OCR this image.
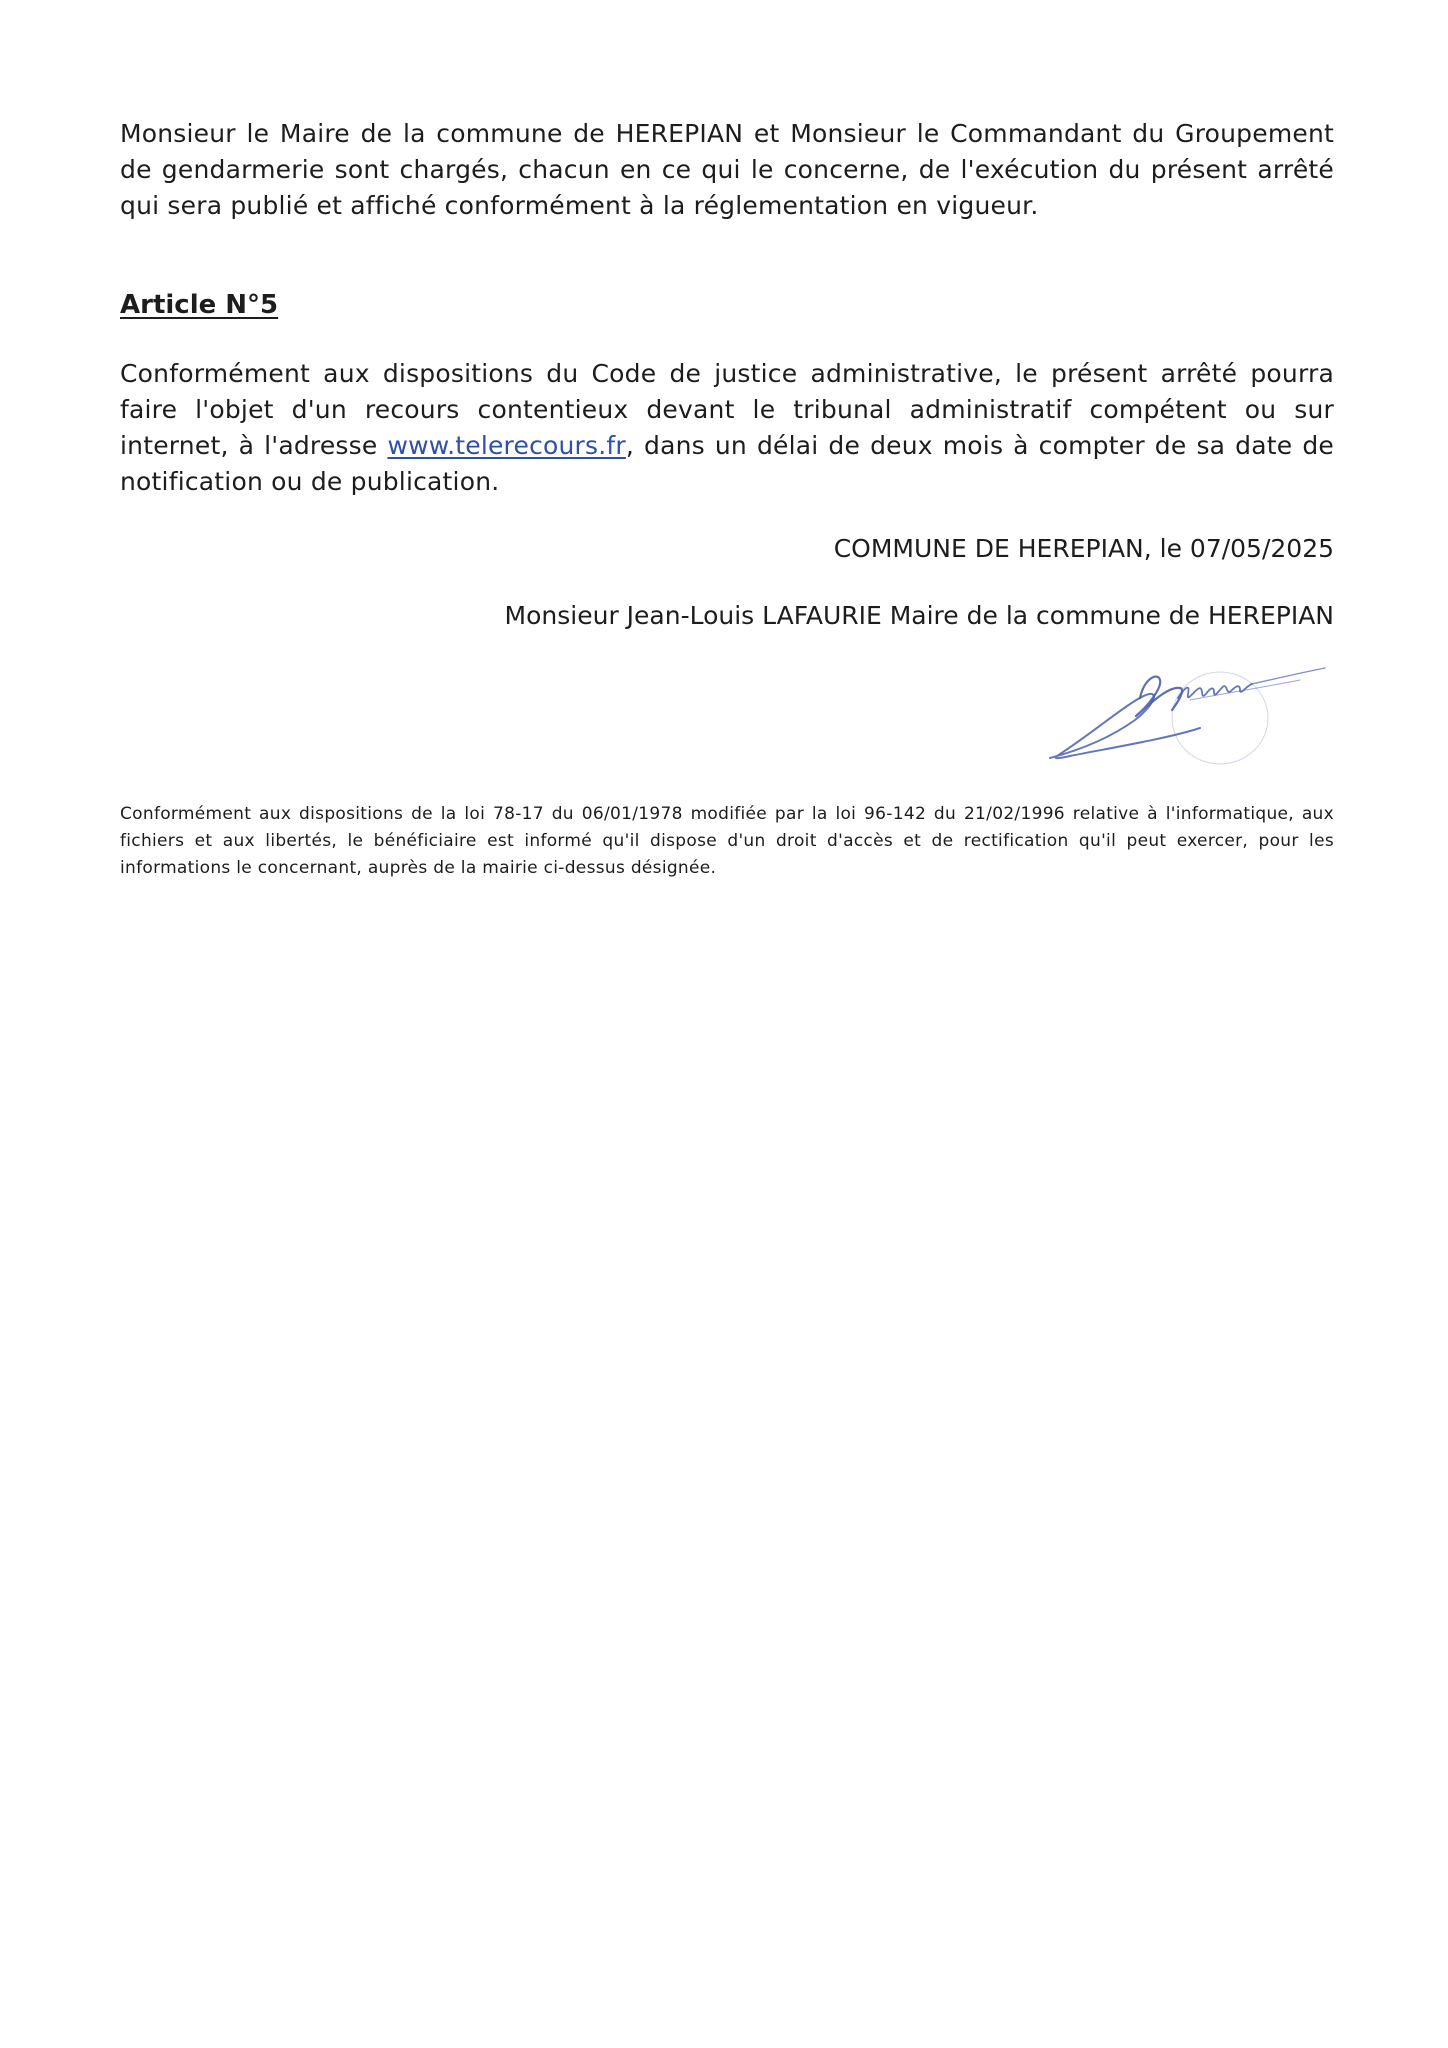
Monsieur le Maire de la commune de HEREPIAN et Monsieur le Commandant du Groupement de gendarmerie sont chargés, chacun en ce qui le concerne, de l'exécution du présent arrêté qui sera publié et affiché conformément à la réglementation en vigueur.

Article N°5

Conformément aux dispositions du Code de justice administrative, le présent arrêté pourra faire l'objet d'un recours contentieux devant le tribunal administratif compétent ou sur internet, à l'adresse www.telerecours.fr, dans un délai de deux mois à compter de sa date de notification ou de publication.

COMMUNE DE HEREPIAN, le 07/05/2025

Monsieur Jean-Louis LAFAURIE Maire de la commune de HEREPIAN

Conformément aux dispositions de la loi 78-17 du 06/01/1978 modifiée par la loi 96-142 du 21/02/1996 relative à l'informatique, aux fichiers et aux libertés, le bénéficiaire est informé qu'il dispose d'un droit d'accès et de rectification qu'il peut exercer, pour les informations le concernant, auprès de la mairie ci-dessus désignée.
